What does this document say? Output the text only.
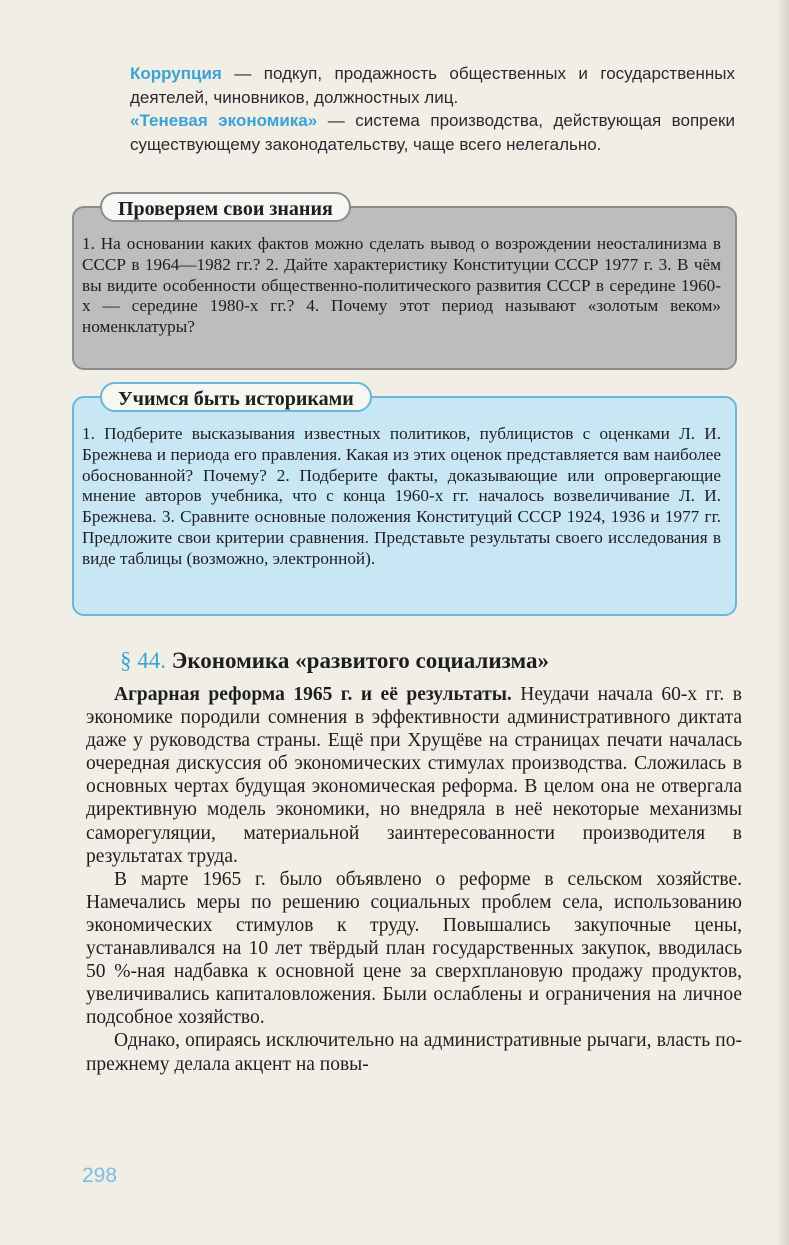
Коррупция — подкуп, продажность общественных и государственных деятелей, чиновников, должностных лиц.

«Теневая экономика» — система производства, действующая вопреки существующему законодательству, чаще всего нелегально.

Проверяем свои знания

1. На основании каких фактов можно сделать вывод о возрождении неосталинизма в СССР в 1964—1982 гг.? 2. Дайте характеристику Конституции СССР 1977 г. 3. В чём вы видите особенности общественно-политического развития СССР в середине 1960-х — середине 1980-х гг.? 4. Почему этот период называют «золотым веком» номенклатуры?

Учимся быть историками

1. Подберите высказывания известных политиков, публицистов с оценками Л. И. Брежнева и периода его правления. Какая из этих оценок представляется вам наиболее обоснованной? Почему? 2. Подберите факты, доказывающие или опровергающие мнение авторов учебника, что с конца 1960-х гг. началось возвеличивание Л. И. Брежнева. 3. Сравните основные положения Конституций СССР 1924, 1936 и 1977 гг. Предложите свои критерии сравнения. Представьте результаты своего исследования в виде таблицы (возможно, электронной).

§ 44. Экономика «развитого социализма»

Аграрная реформа 1965 г. и её результаты. Неудачи начала 60-х гг. в экономике породили сомнения в эффективности административного диктата даже у руководства страны. Ещё при Хрущёве на страницах печати началась очередная дискуссия об экономических стимулах производства. Сложилась в основных чертах будущая экономическая реформа. В целом она не отвергала директивную модель экономики, но внедряла в неё некоторые механизмы саморегуляции, материальной заинтересованности производителя в результатах труда.

В марте 1965 г. было объявлено о реформе в сельском хозяйстве. Намечались меры по решению социальных проблем села, использованию экономических стимулов к труду. Повышались закупочные цены, устанавливался на 10 лет твёрдый план государственных закупок, вводилась 50 %-ная надбавка к основной цене за сверхплановую продажу продуктов, увеличивались капиталовложения. Были ослаблены и ограничения на личное подсобное хозяйство.

Однако, опираясь исключительно на административные рычаги, власть по-прежнему делала акцент на повы-

298
